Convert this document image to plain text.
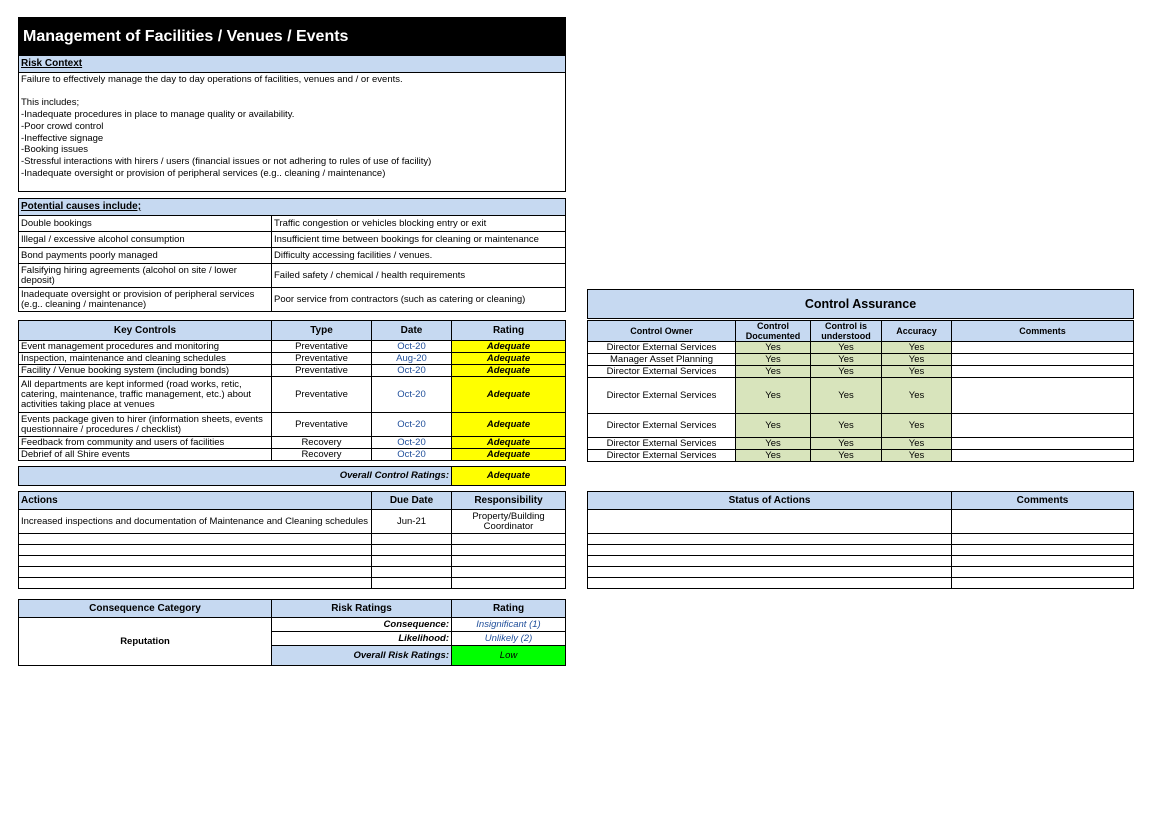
Management of Facilities / Venues / Events
Risk Context
Failure to effectively manage the day to day operations of facilities, venues and / or events.

This includes;
-Inadequate procedures in place to manage quality or availability.
-Poor crowd control
-Ineffective signage
-Booking issues
-Stressful interactions with hirers / users (financial issues or not adhering to rules of use of facility)
-Inadequate oversight or provision of peripheral services (e.g.. cleaning / maintenance)
Potential causes include;	
Double bookings	Traffic congestion or vehicles blocking entry or exit
Illegal / excessive alcohol consumption	Insufficient time between bookings for cleaning or maintenance
Bond payments poorly managed	Difficulty accessing facilities / venues.
Falsifying hiring agreements (alcohol on site / lower deposit)	Failed safety / chemical / health requirements
Inadequate oversight or provision of peripheral services (e.g.. cleaning / maintenance)	Poor service from contractors (such as catering or cleaning)
Key Controls	Type	Date	Rating
Event management procedures and monitoring	Preventative	Oct-20	Adequate
Inspection, maintenance and cleaning schedules	Preventative	Aug-20	Adequate
Facility / Venue booking system (including bonds)	Preventative	Oct-20	Adequate
All departments are kept informed (road works, retic, catering, maintenance, traffic management, etc.) about activities taking place at venues	Preventative	Oct-20	Adequate
Events package given to hirer (information sheets, events questionnaire / procedures / checklist)	Preventative	Oct-20	Adequate
Feedback from community and users of facilities	Recovery	Oct-20	Adequate
Debrief of all Shire events	Recovery	Oct-20	Adequate
Overall Control Ratings:	Adequate
Control Assurance
Control Owner	Control Documented	Control is understood	Accuracy	Comments
Director External Services	Yes	Yes	Yes	
Manager Asset Planning	Yes	Yes	Yes	
Director External Services	Yes	Yes	Yes	
Director External Services	Yes	Yes	Yes	
Director External Services	Yes	Yes	Yes	
Director External Services	Yes	Yes	Yes	
Director External Services	Yes	Yes	Yes	
Actions	Due Date	Responsibility
Increased inspections and documentation of Maintenance and Cleaning schedules	Jun-21	Property/Building Coordinator

Status of Actions	Comments

Consequence Category	Risk Ratings	Rating
Reputation	Consequence:	Insignificant (1)
	Likelihood:	Unlikely (2)
	Overall Risk Ratings:	Low
